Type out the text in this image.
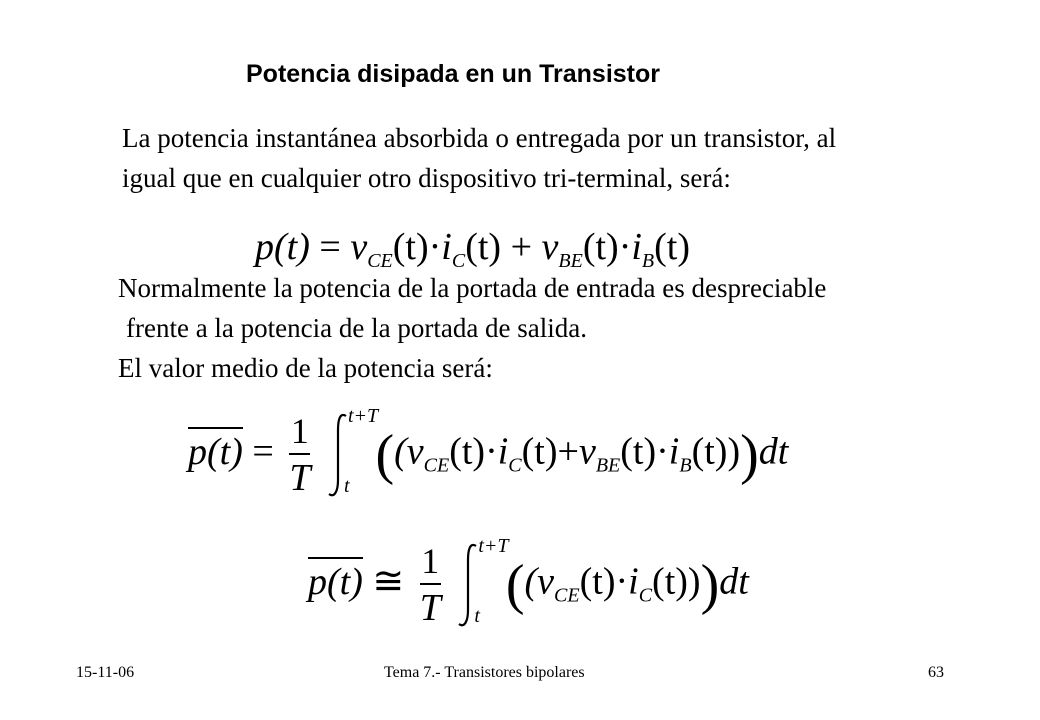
Potencia disipada en un Transistor

La potencia instantánea absorbida o entregada por un transistor, al

igual que en cualquier otro dispositivo tri-terminal, será:

$p(t) = v_{CE}(t)\cdot i_C(t) + v_{BE}(t)\cdot i_B(t)$

Normalmente la potencia de la portada de entrada es despreciable

frente a la potencia de la portada de salida.

El valor medio de la potencia será:

$p(t) = \frac{1}{T}$
t+T
t $((v_{CE}(t)\cdot i_C(t)+v_{BE}(t)\cdot i_B(t)))dt$
p(t) ≅ $\frac{1}{T}$
t+T
t $((v_{CE}(t)\cdot i_C(t)))dt$
15-11-06	Tema 7.- Transistores bipolares	63
